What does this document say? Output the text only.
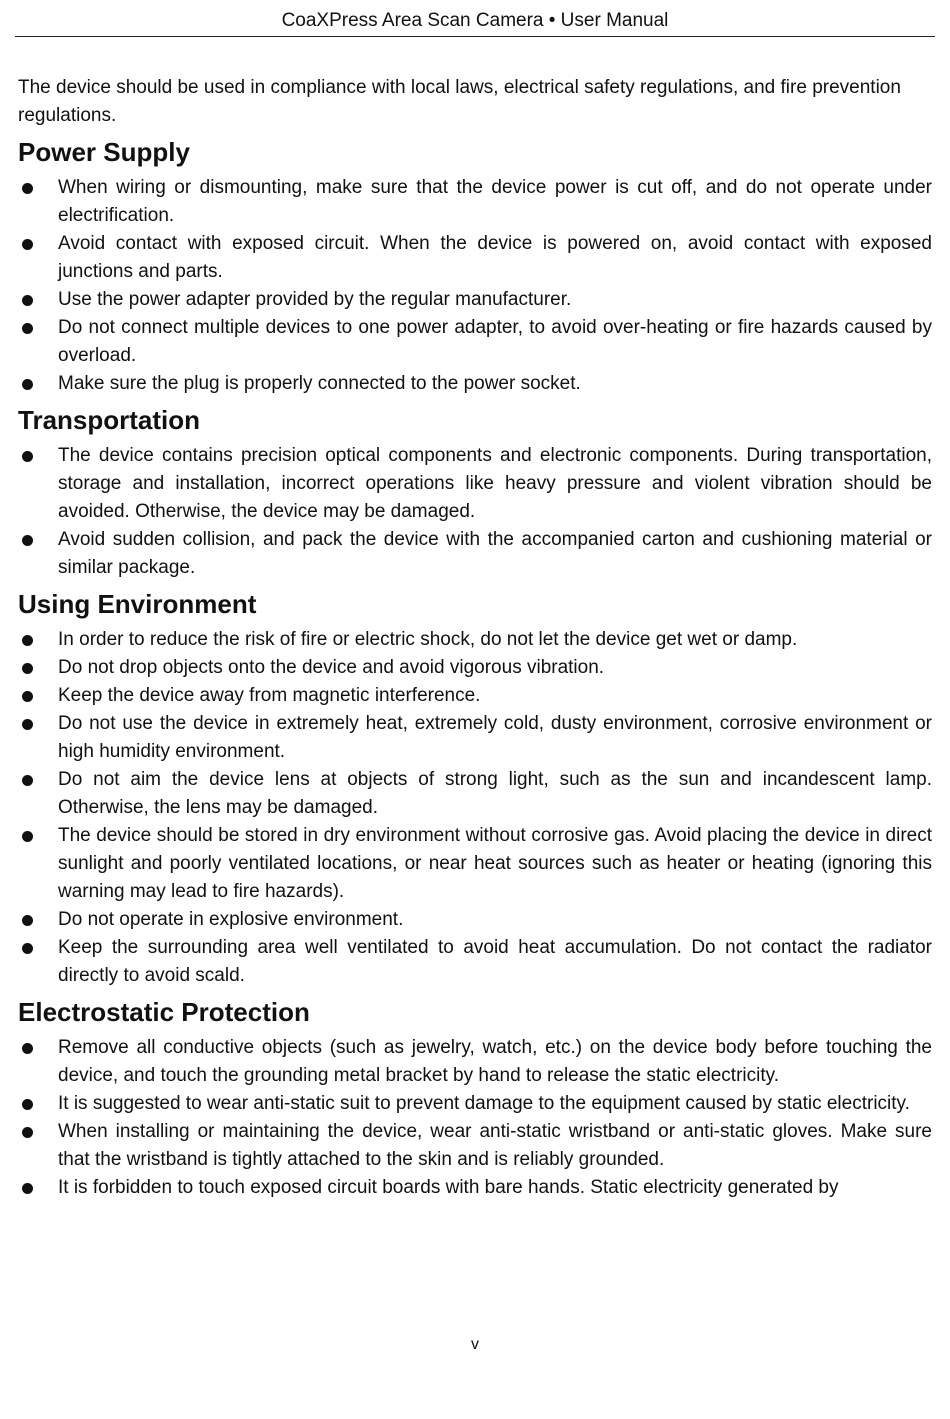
CoaXPress Area Scan Camera • User Manual

The device should be used in compliance with local laws, electrical safety regulations, and fire prevention regulations.

Power Supply
When wiring or dismounting, make sure that the device power is cut off, and do not operate under electrification.
Avoid contact with exposed circuit. When the device is powered on, avoid contact with exposed junctions and parts.
Use the power adapter provided by the regular manufacturer.
Do not connect multiple devices to one power adapter, to avoid over-heating or fire hazards caused by overload.
Make sure the plug is properly connected to the power socket.
Transportation
The device contains precision optical components and electronic components. During transportation, storage and installation, incorrect operations like heavy pressure and violent vibration should be avoided. Otherwise, the device may be damaged.
Avoid sudden collision, and pack the device with the accompanied carton and cushioning material or similar package.
Using Environment
In order to reduce the risk of fire or electric shock, do not let the device get wet or damp.
Do not drop objects onto the device and avoid vigorous vibration.
Keep the device away from magnetic interference.
Do not use the device in extremely heat, extremely cold, dusty environment, corrosive environment or high humidity environment.
Do not aim the device lens at objects of strong light, such as the sun and incandescent lamp. Otherwise, the lens may be damaged.
The device should be stored in dry environment without corrosive gas. Avoid placing the device in direct sunlight and poorly ventilated locations, or near heat sources such as heater or heating (ignoring this warning may lead to fire hazards).
Do not operate in explosive environment.
Keep the surrounding area well ventilated to avoid heat accumulation. Do not contact the radiator directly to avoid scald.
Electrostatic Protection
Remove all conductive objects (such as jewelry, watch, etc.) on the device body before touching the device, and touch the grounding metal bracket by hand to release the static electricity.
It is suggested to wear anti-static suit to prevent damage to the equipment caused by static electricity.
When installing or maintaining the device, wear anti-static wristband or anti-static gloves. Make sure that the wristband is tightly attached to the skin and is reliably grounded.
It is forbidden to touch exposed circuit boards with bare hands. Static electricity generated by
v
